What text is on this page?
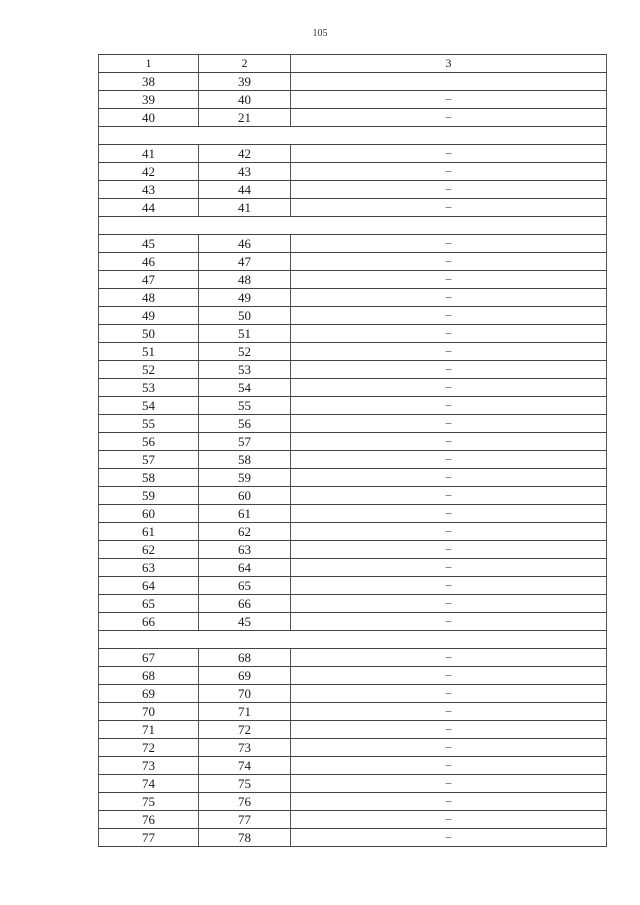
105
1	2	3
38	39	
39	40	–
40	21	–

41	42	–
42	43	–
43	44	–
44	41	–

45	46	–
46	47	–
47	48	–
48	49	–
49	50	–
50	51	–
51	52	–
52	53	–
53	54	–
54	55	–
55	56	–
56	57	–
57	58	–
58	59	–
59	60	–
60	61	–
61	62	–
62	63	–
63	64	–
64	65	–
65	66	–
66	45	–

67	68	–
68	69	–
69	70	–
70	71	–
71	72	–
72	73	–
73	74	–
74	75	–
75	76	–
76	77	–
77	78	–
